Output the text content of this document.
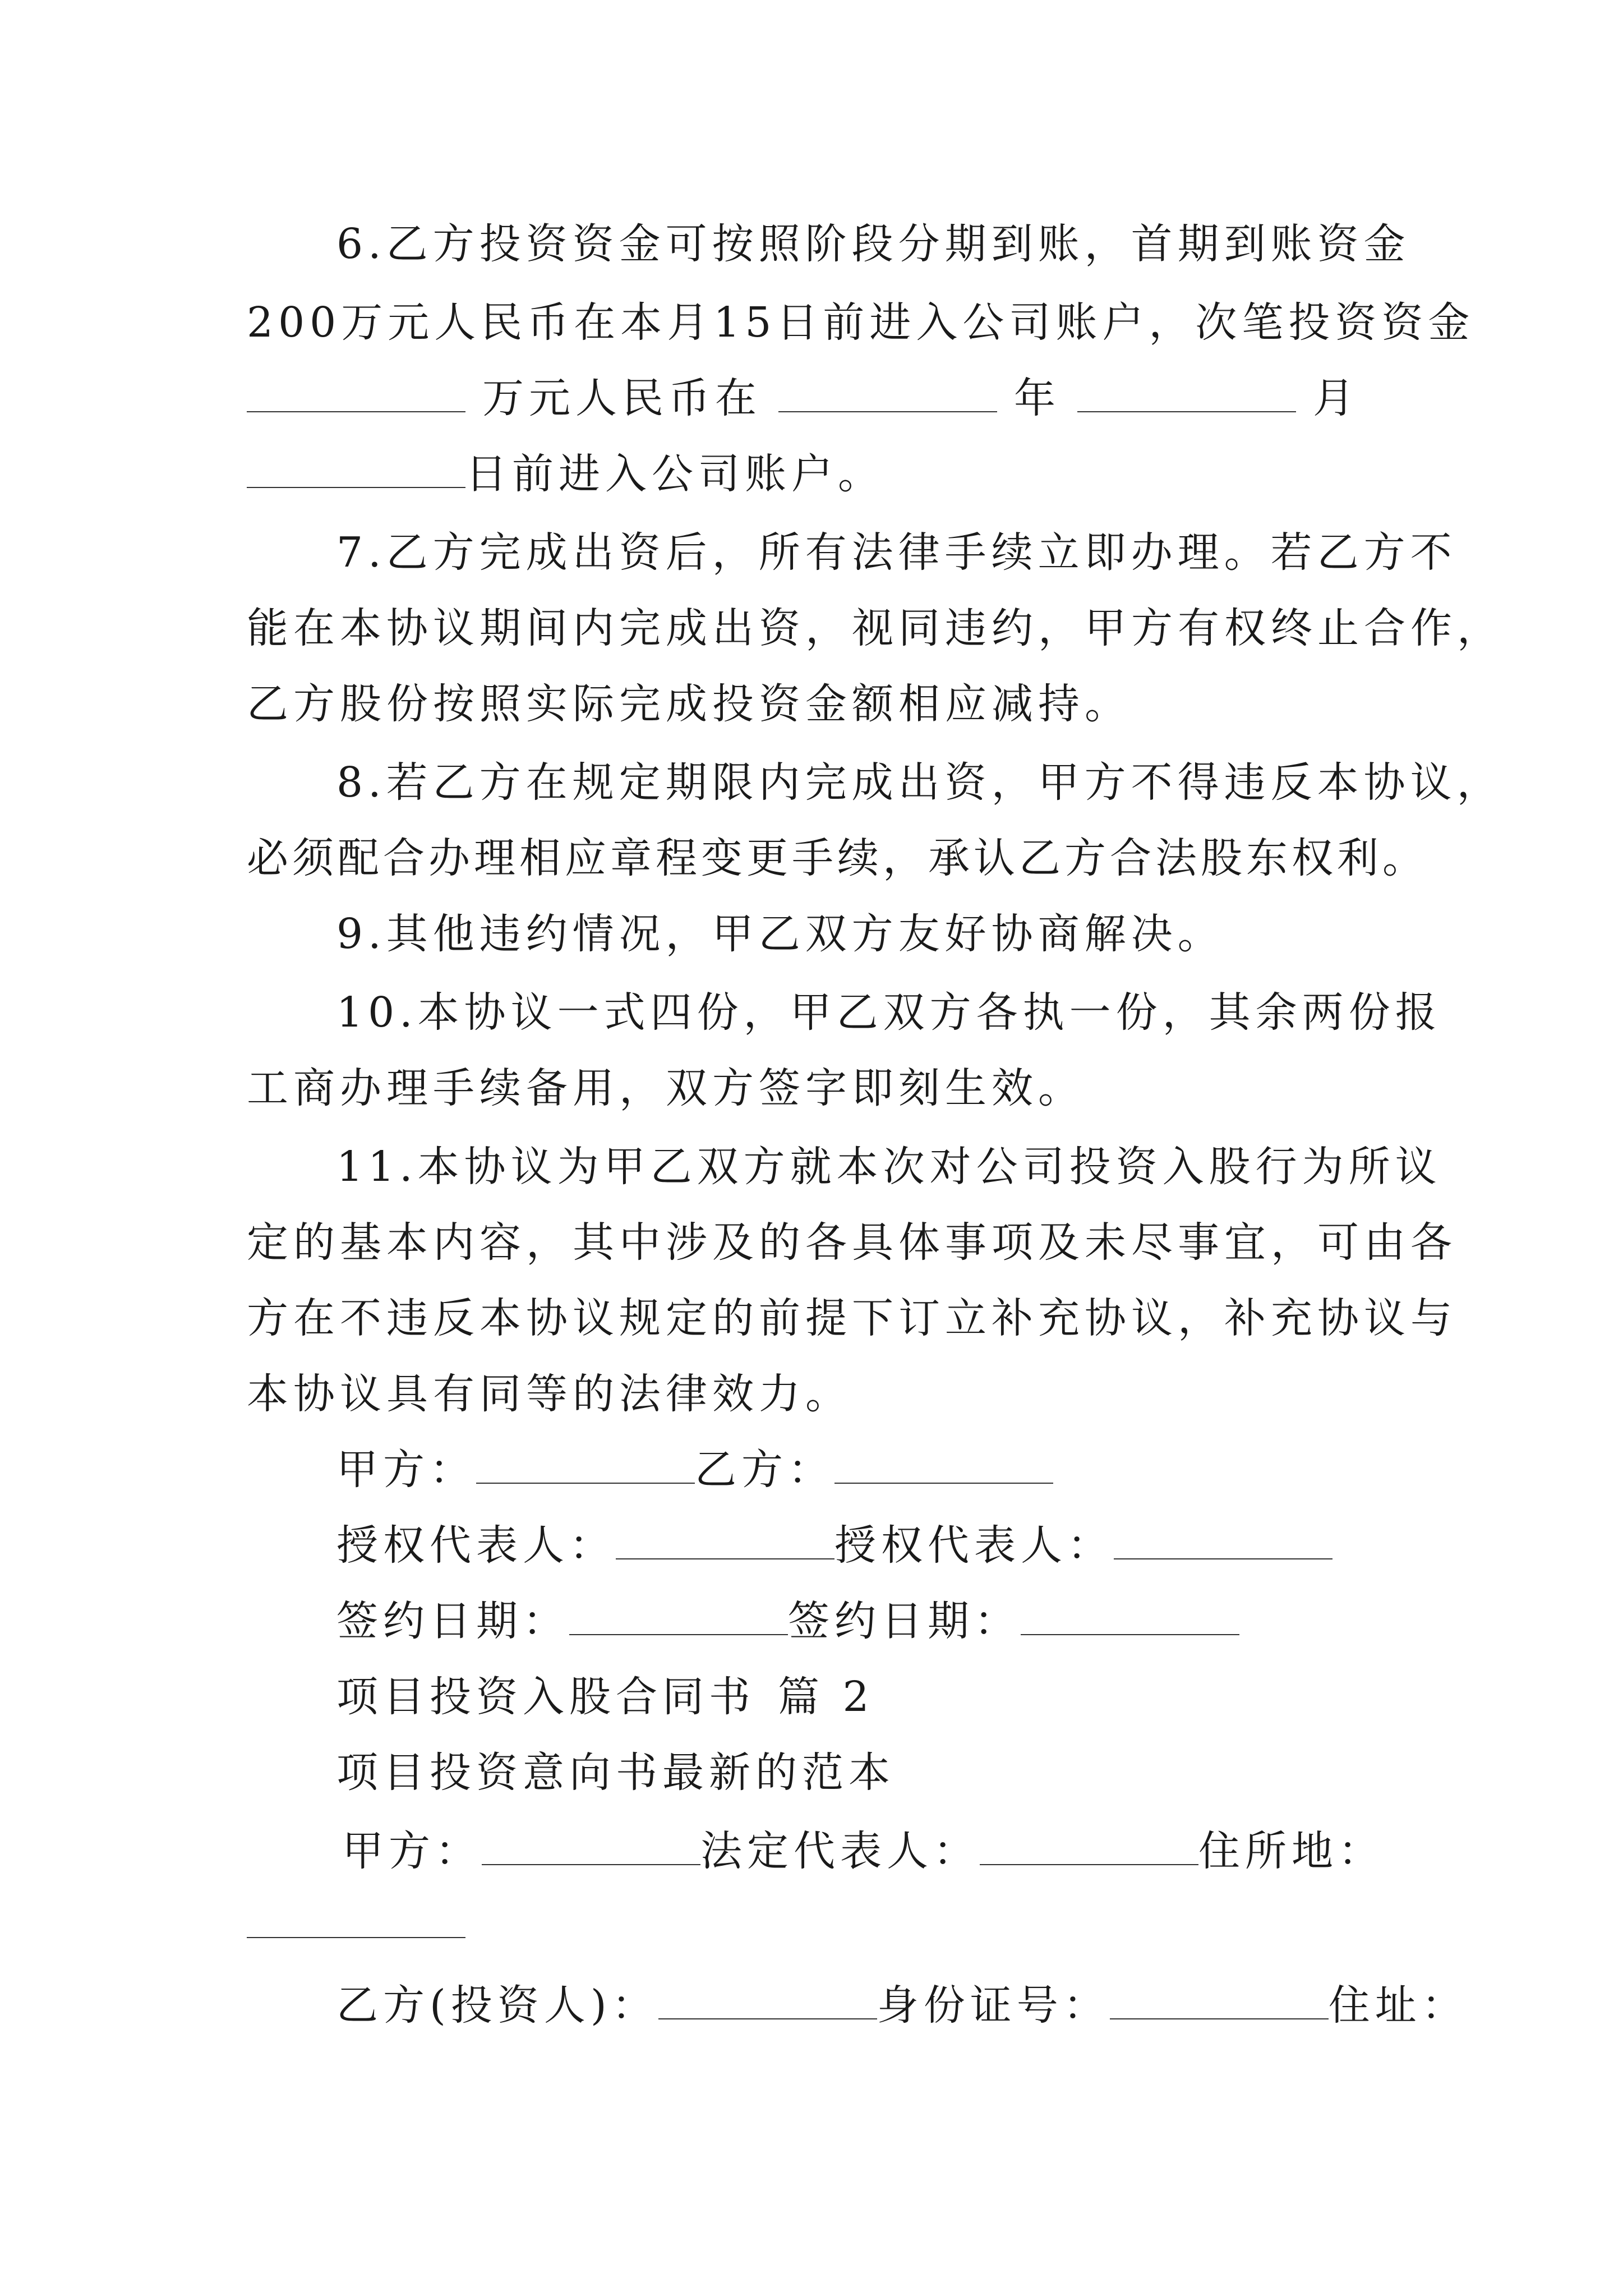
6.乙方投资资金可按照阶段分期到账，首期到账资金
200万元人民币在本月15日前进入公司账户，次笔投资资金
万元人民币在	年	月
日前进入公司账户。
7.乙方完成出资后，所有法律手续立即办理。若乙方不
能在本协议期间内完成出资，视同违约，甲方有权终止合作，
乙方股份按照实际完成投资金额相应减持。
8.若乙方在规定期限内完成出资，甲方不得违反本协议，
必须配合办理相应章程变更手续，承认乙方合法股东权利。
9.其他违约情况，甲乙双方友好协商解决。
10.本协议一式四份，甲乙双方各执一份，其余两份报
工商办理手续备用，双方签字即刻生效。
11.本协议为甲乙双方就本次对公司投资入股行为所议
定的基本内容，其中涉及的各具体事项及未尽事宜，可由各
方在不违反本协议规定的前提下订立补充协议，补充协议与
本协议具有同等的法律效力。
甲方：	乙方：
授权代表人：	授权代表人：
签约日期：	签约日期：
项目投资入股合同书 篇 2
项目投资意向书最新的范本
甲方：	法定代表人：	住所地：
乙方(投资人)：	身份证号：	住址：
